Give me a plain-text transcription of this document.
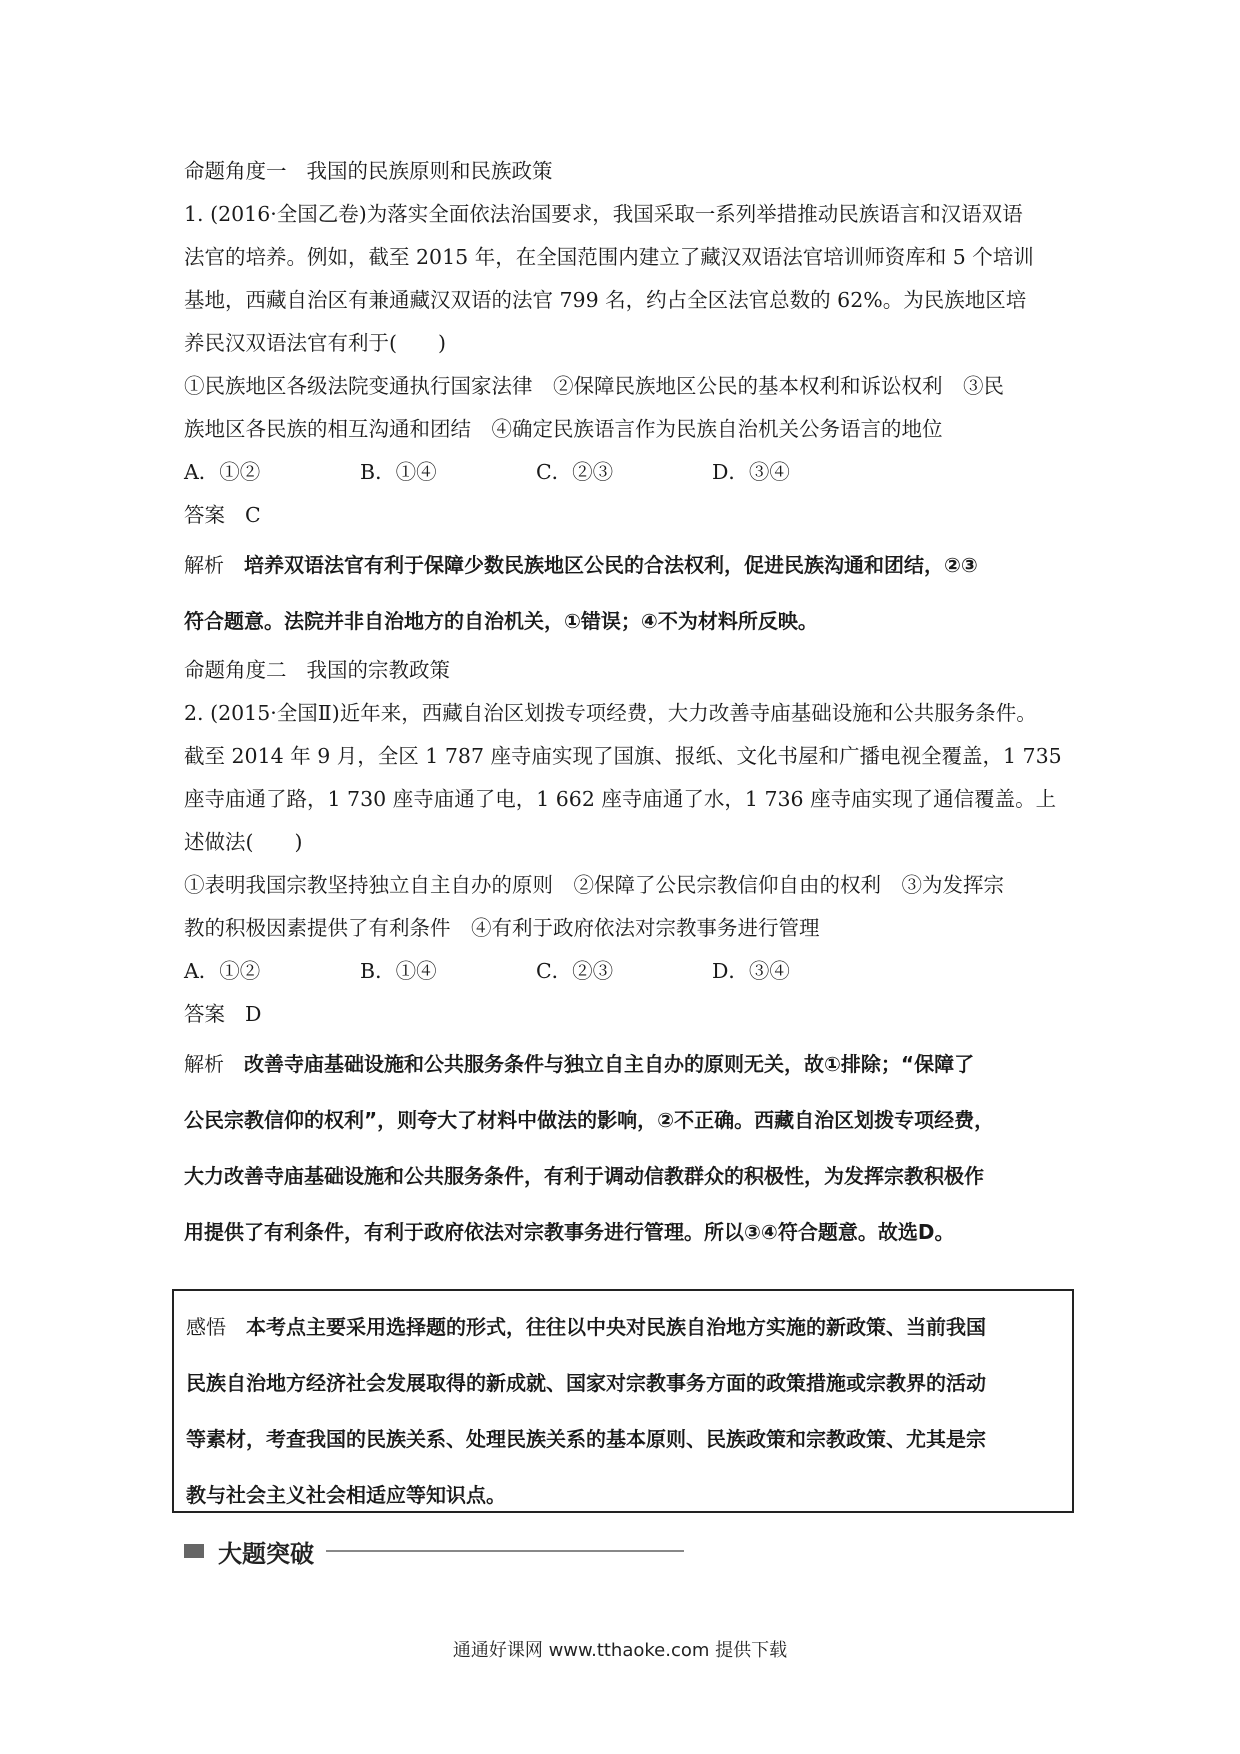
命题角度一 我国的民族原则和民族政策

1. (2016·全国乙卷)为落实全面依法治国要求，我国采取一系列举措推动民族语言和汉语双语
法官的培养。例如，截至 2015 年，在全国范围内建立了藏汉双语法官培训师资库和 5 个培训
基地，西藏自治区有兼通藏汉双语的法官 799 名，约占全区法官总数的 62%。为民族地区培
养民汉双语法官有利于(　　)

①民族地区各级法院变通执行国家法律　②保障民族地区公民的基本权利和诉讼权利　③民
族地区各民族的相互沟通和团结　④确定民族语言作为民族自治机关公务语言的地位

A．①②	B．①④	C．②③	D．③④

答案 C

解析 培养双语法官有利于保障少数民族地区公民的合法权利，促进民族沟通和团结，②③
符合题意。法院并非自治地方的自治机关，①错误；④不为材料所反映。

命题角度二 我国的宗教政策

2. (2015·全国Ⅱ)近年来，西藏自治区划拨专项经费，大力改善寺庙基础设施和公共服务条件。
截至 2014 年 9 月，全区 1 787 座寺庙实现了国旗、报纸、文化书屋和广播电视全覆盖，1 735
座寺庙通了路，1 730 座寺庙通了电，1 662 座寺庙通了水，1 736 座寺庙实现了通信覆盖。上
述做法(　　)

①表明我国宗教坚持独立自主自办的原则　②保障了公民宗教信仰自由的权利　③为发挥宗
教的积极因素提供了有利条件　④有利于政府依法对宗教事务进行管理

A．①②	B．①④	C．②③	D．③④

答案 D

解析 改善寺庙基础设施和公共服务条件与独立自主自办的原则无关，故①排除；“保障了
公民宗教信仰的权利”，则夸大了材料中做法的影响，②不正确。西藏自治区划拨专项经费，
大力改善寺庙基础设施和公共服务条件，有利于调动信教群众的积极性，为发挥宗教积极作
用提供了有利条件，有利于政府依法对宗教事务进行管理。所以③④符合题意。故选D。

感悟 本考点主要采用选择题的形式，往往以中央对民族自治地方实施的新政策、当前我国
民族自治地方经济社会发展取得的新成就、国家对宗教事务方面的政策措施或宗教界的活动
等素材，考查我国的民族关系、处理民族关系的基本原则、民族政策和宗教政策、尤其是宗
教与社会主义社会相适应等知识点。

大题突破
通通好课网 www.tthaoke.com 提供下载
